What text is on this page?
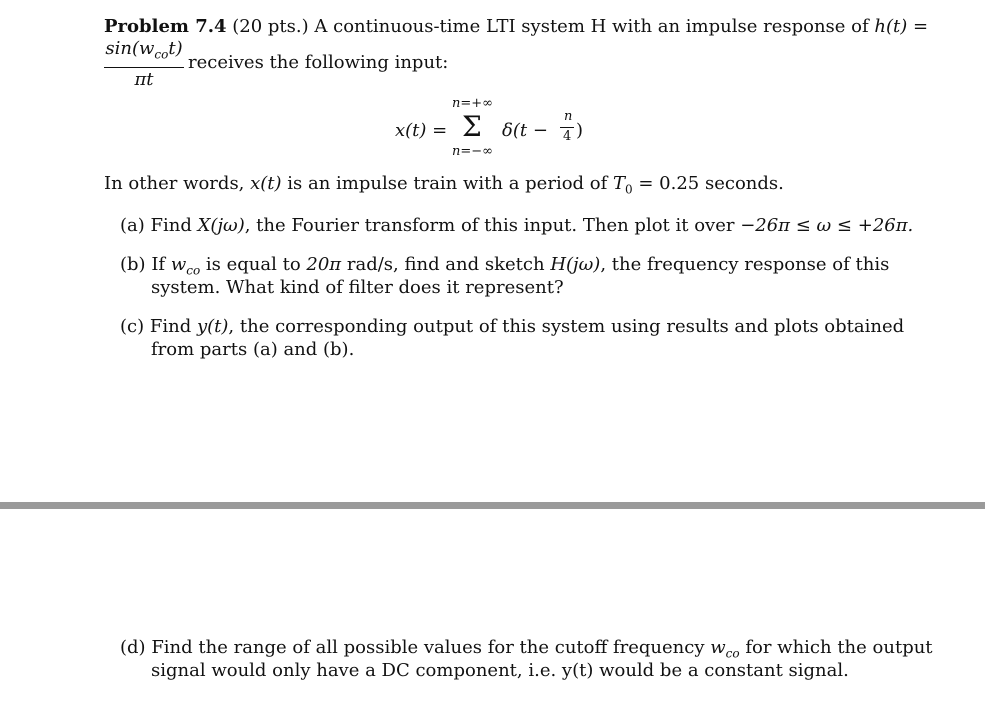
Problem 7.4 (20 pts.) A continuous-time LTI system H with an impulse response of h(t) =
$\sin(w_{co}t)$
πt
receives the following input:
n=+∞
x(t) = Σ δ(t −
n
4 )
n=−∞
In other words, x(t) is an impulse train with a period of $T_0 = 0.25$ seconds.
(a) Find X(jω), the Fourier transform of this input. Then plot it over −26π ≤ ω ≤ +26π.
(b) If $w_{co}$ is equal to 20π rad/s, find and sketch H(jω), the frequency response of this
system. What kind of filter does it represent?
(c) Find y(t), the corresponding output of this system using results and plots obtained
from parts (a) and (b).
(d) Find the range of all possible values for the cutoff frequency $w_{co}$ for which the output
signal would only have a DC component, i.e. y(t) would be a constant signal.
